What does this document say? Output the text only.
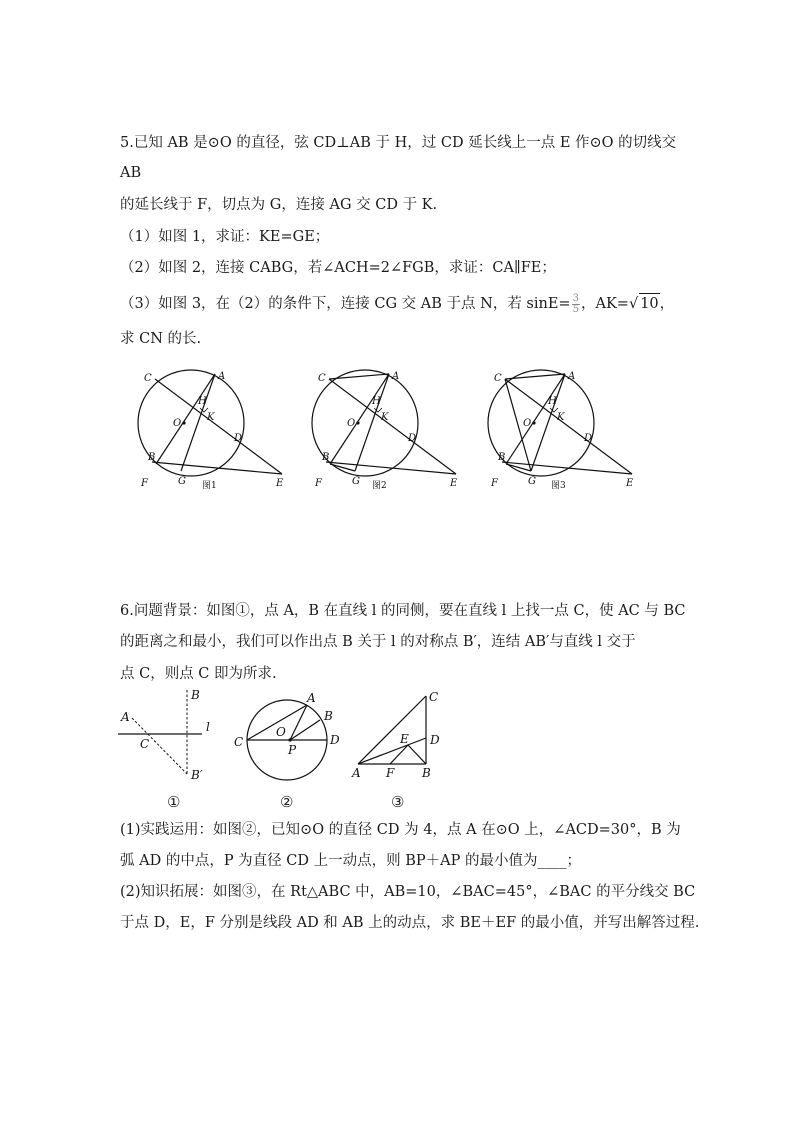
5.已知 AB 是⊙O 的直径，弦 CD⊥AB 于 H，过 CD 延长线上一点 E 作⊙O 的切线交
AB
的延长线于 F，切点为 G，连接 AG 交 CD 于 K.
（1）如图 1，求证：KE=GE；
（2）如图 2，连接 CABG，若∠ACH=2∠FGB，求证：CA∥FE；
（3）如图 3，在（2）的条件下，连接 CG 交 AB 于点 N，若 $\sin E= \frac{3}{5}$ ，AK=√ 10，
求 CN 的长.
C	A
H
K
O
D
B
F	G 图1	E
C	A
H
K
O
D
B
F	G 图2	E
C	A
H
K
O
D
B
F	G 图3	E
6.问题背景：如图①，点 A，B 在直线 l 的同侧，要在直线 l 上找一点 C，使 AC 与 BC
的距离之和最小，我们可以作出点 B 关于 l 的对称点 B′，连结 AB′与直线 l 交于
点 C，则点 C 即为所求.
B
A
l
C
B′
①
A
B
O
C	D
P
②
C
E D
A F B
③
(1)实践运用：如图②，已知⊙O 的直径 CD 为 4，点 A 在⊙O 上，∠ACD=30°，B 为
弧 AD 的中点，P 为直径 CD 上一动点，则 BP＋AP 的最小值为____；
(2)知识拓展：如图③，在 Rt△ABC 中，AB=10，∠BAC=45°，∠BAC 的平分线交 BC
于点 D，E，F 分别是线段 AD 和 AB 上的动点，求 BE＋EF 的最小值，并写出解答过程.
